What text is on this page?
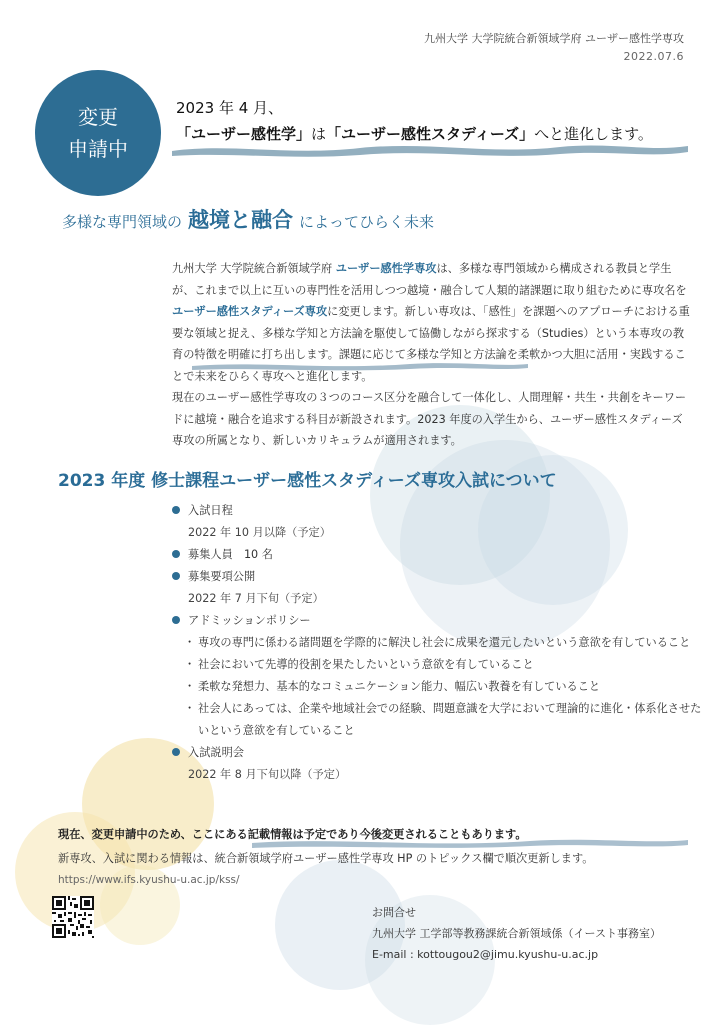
九州大学 大学院統合新領域学府 ユーザー感性学専攻
2022.07.6
変更
申請中
2023 年 4 月、
「ユーザー感性学」は「ユーザー感性スタディーズ」へと進化します。
多様な専門領域の 越境と融合 によってひらく未来

九州大学 大学院統合新領域学府 ユーザー感性学専攻は、多様な専門領域から構成される教員と学生が、これまで以上に互いの専門性を活用しつつ越境・融合して人類的諸課題に取り組むために専攻名をユーザー感性スタディーズ専攻に変更します。新しい専攻は、「感性」を課題へのアプローチにおける重要な領域と捉え、多様な学知と方法論を駆使して協働しながら探求する（Studies）という本専攻の教育の特徴を明確に打ち出します。課題に応じて多様な学知と方法論を柔軟かつ大胆に活用・実践することで未来をひらく専攻へと進化します。

現在のユーザー感性学専攻の３つのコース区分を融合して一体化し、人間理解・共生・共創をキーワードに越境・融合を追求する科目が新設されます。2023 年度の入学生から、ユーザー感性スタディーズ専攻の所属となり、新しいカリキュラムが適用されます。

2023 年度 修士課程ユーザー感性スタディーズ専攻入試について
入試日程
2022 年 10 月以降（予定）
募集人員　10 名
募集要項公開
2022 年 7 月下旬（予定）
アドミッションポリシー
・ 専攻の専門に係わる諸問題を学際的に解決し社会に成果を還元したいという意欲を有していること
・ 社会において先導的役割を果たしたいという意欲を有していること
・ 柔軟な発想力、基本的なコミュニケーション能力、幅広い教養を有していること
・ 社会人にあっては、企業や地域社会での経験、問題意識を大学において理論的に進化・体系化させたいという意欲を有していること
入試説明会
2022 年 8 月下旬以降（予定）
現在、変更申請中のため、ここにある記載情報は予定であり今後変更されることもあります。
新専攻、入試に関わる情報は、統合新領域学府ユーザー感性学専攻 HP のトピックス欄で順次更新します。
https://www.ifs.kyushu-u.ac.jp/kss/
お問合せ
九州大学 工学部等教務課統合新領域係（イースト事務室）
E-mail : kottougou2@jimu.kyushu-u.ac.jp
